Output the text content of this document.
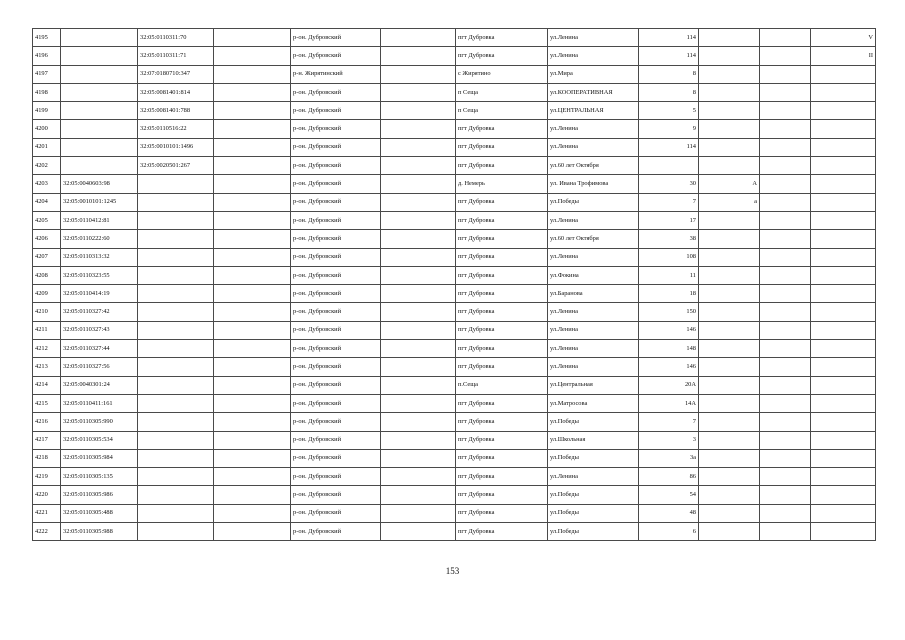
4195		32:05:0110311:70		р-он. Дубровский		пгт Дубровка	ул.Ленина	114			V
4196		32:05:0110311:71		р-он. Дубровский		пгт Дубровка	ул.Ленина	114			II
4197		32:07:0180710:347		р-н. Жирятинский		с Жирятино	ул.Мира	8			
4198		32:05:0081401:814		р-он. Дубровский		п Сеща	ул.КООПЕРАТИВНАЯ	8			
4199		32:05:0081401:788		р-он. Дубровский		п Сеща	ул.ЦЕНТРАЛЬНАЯ	5			
4200		32:05:0110516:22		р-он. Дубровский		пгт Дубровка	ул.Ленина	9			
4201		32:05:0010101:1496		р-он. Дубровский		пгт Дубровка	ул.Ленина	114			
4202		32:05:0020501:267		р-он. Дубровский		пгт Дубровка	ул.60 лет Октября				
4203	32:05:0040603:98			р-он. Дубровский		д. Немерь	ул. Ивана Трофимова	30	А		
4204	32:05:0010101:1245			р-он. Дубровский		пгт Дубровка	ул.Победы	7	а		
4205	32:05:0110412:81			р-он. Дубровский		пгт Дубровка	ул.Ленина	17			
4206	32:05:0110222:60			р-он. Дубровский		пгт Дубровка	ул.60 лет Октября	38			
4207	32:05:0110313:32			р-он. Дубровский		пгт Дубровка	ул.Ленина	108			
4208	32:05:0110323:55			р-он. Дубровский		пгт Дубровка	ул.Фокина	11			
4209	32:05:0110414:19			р-он. Дубровский		пгт Дубровка	ул.Баранова	18			
4210	32:05:0110327:42			р-он. Дубровский		пгт Дубровка	ул.Ленина	150			
4211	32:05:0110327:43			р-он. Дубровский		пгт Дубровка	ул.Ленина	146			
4212	32:05:0110327:44			р-он. Дубровский		пгт Дубровка	ул.Ленина	148			
4213	32:05:0110327:56			р-он. Дубровский		пгт Дубровка	ул.Ленина	146			
4214	32:05:0040301:24			р-он. Дубровский		п.Сеща	ул.Центральная	20А			
4215	32:05:0110411:161			р-он. Дубровский		пгт Дубровка	ул.Матросова	14А			
4216	32:05:0110305:990			р-он. Дубровский		пгт Дубровка	ул.Победы	7			
4217	32:05:0110305:534			р-он. Дубровский		пгт Дубровка	ул.Школьная	3			
4218	32:05:0110305:984			р-он. Дубровский		пгт Дубровка	ул.Победы	3а			
4219	32:05:0110305:135			р-он. Дубровский		пгт Дубровка	ул.Ленина	86			
4220	32:05:0110305:986			р-он. Дубровский		пгт Дубровка	ул.Победы	54			
4221	32:05:0110305:488			р-он. Дубровский		пгт Дубровка	ул.Победы	48			
4222	32:05:0110305:988			р-он. Дубровский		пгт Дубровка	ул.Победы	6			
153
